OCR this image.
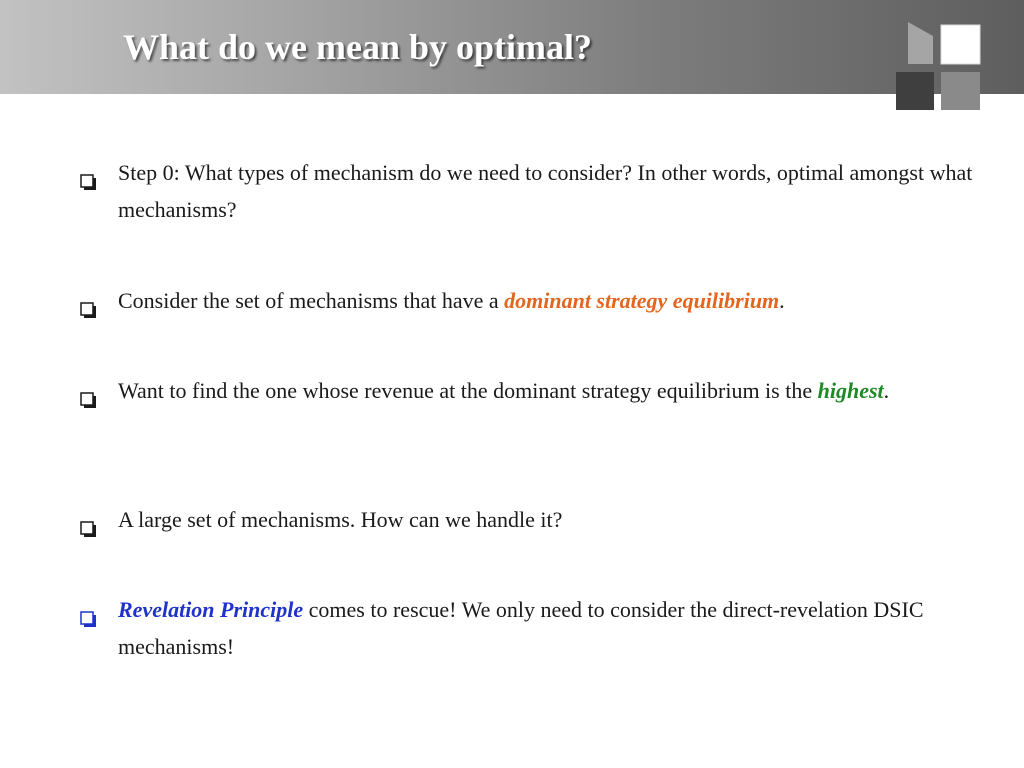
What do we mean by optimal?
Step 0: What types of mechanism do we need to consider? In other words, optimal amongst what mechanisms?
Consider the set of mechanisms that have a dominant strategy equilibrium.
Want to find the one whose revenue at the dominant strategy equilibrium is the highest.
A large set of mechanisms. How can we handle it?
Revelation Principle comes to rescue! We only need to consider the direct-revelation DSIC mechanisms!
